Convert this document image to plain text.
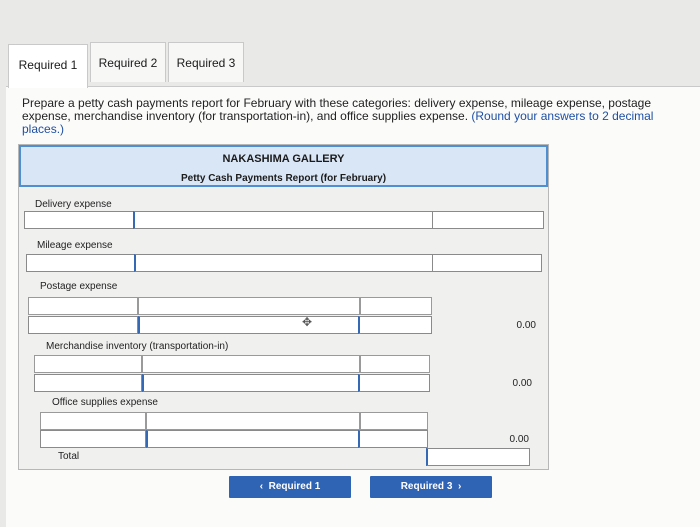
Required 1	Required 2	Required 3
Prepare a petty cash payments report for February with these categories: delivery expense, mileage expense, postage expense, merchandise inventory (for transportation-in), and office supplies expense. (Round your answers to 2 decimal places.)
NAKASHIMA GALLERY
Petty Cash Payments Report (for February)
Delivery expense
Mileage expense
Postage expense
0.00
✥
Merchandise inventory (transportation-in)
0.00
Office supplies expense
0.00
Total
‹ Required 1	Required 3 ›
